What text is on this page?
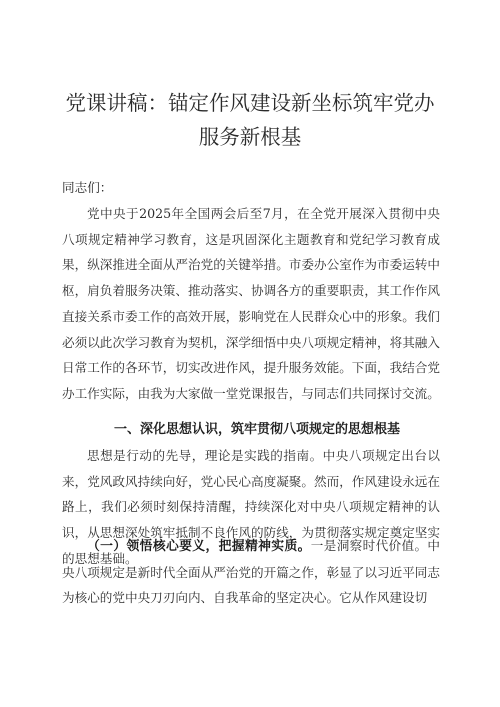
党课讲稿：锚定作风建设新坐标筑牢党办
服务新根基

同志们：

党中央于2025年全国两会后至7月，在全党开展深入贯彻中央八项规定精神学习教育，这是巩固深化主题教育和党纪学习教育成果，纵深推进全面从严治党的关键举措。市委办公室作为市委运转中枢，肩负着服务决策、推动落实、协调各方的重要职责，其工作作风直接关系市委工作的高效开展，影响党在人民群众心中的形象。我们必须以此次学习教育为契机，深学细悟中央八项规定精神，将其融入日常工作的各环节，切实改进作风，提升服务效能。下面，我结合党办工作实际，由我为大家做一堂党课报告，与同志们共同探讨交流。

一、深化思想认识，筑牢贯彻八项规定的思想根基

思想是行动的先导，理论是实践的指南。中央八项规定出台以来，党风政风持续向好，党心民心高度凝聚。然而，作风建设永远在路上，我们必须时刻保持清醒，持续深化对中央八项规定精神的认识，从思想深处筑牢抵制不良作风的防线，为贯彻落实规定奠定坚实的思想基础。

（一）领悟核心要义，把握精神实质。一是洞察时代价值。中央八项规定是新时代全面从严治党的开篇之作，彰显了以习近平同志为核心的党中央刀刃向内、自我革命的坚定决心。它从作风建设切
